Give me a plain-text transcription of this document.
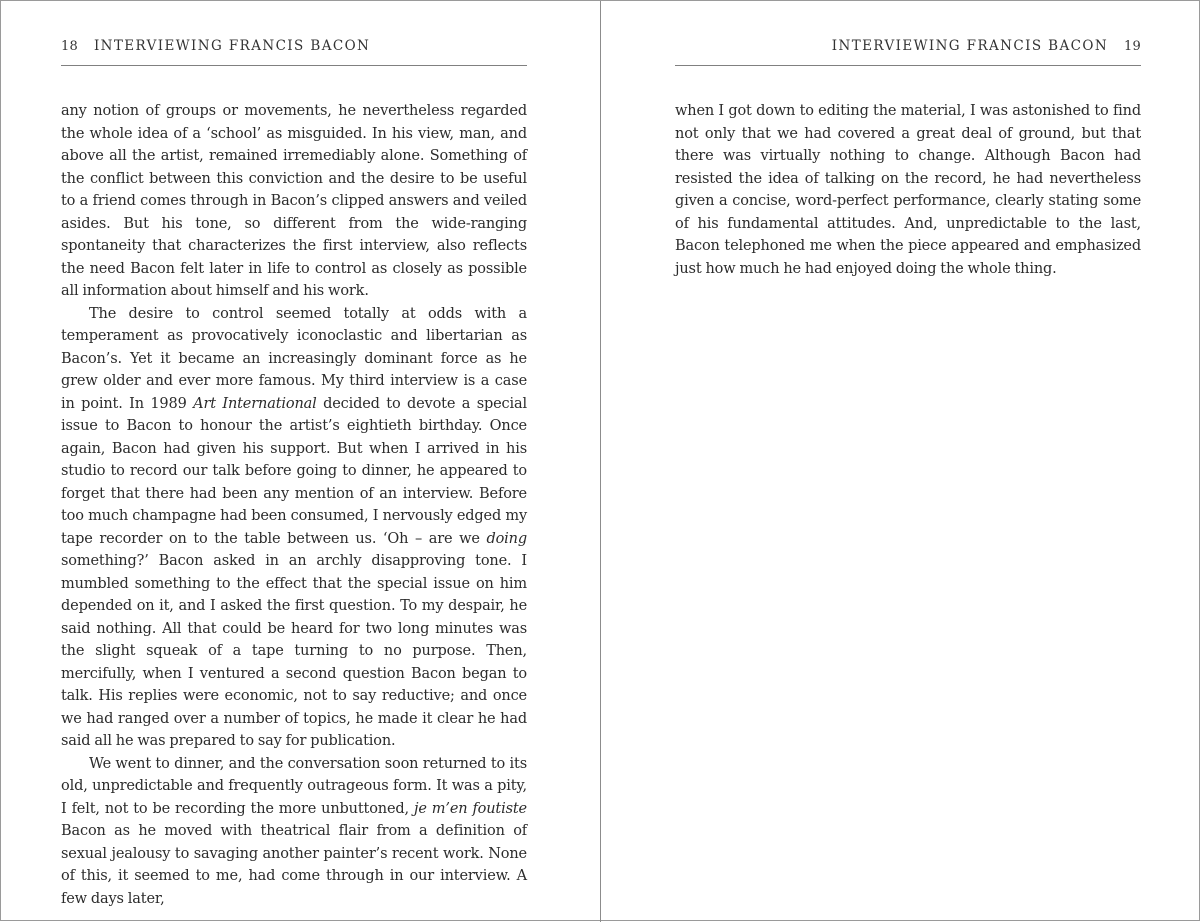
18 INTERVIEWING FRANCIS BACON

any notion of groups or movements, he nevertheless regarded the whole idea of a ‘school’ as misguided. In his view, man, and above all the artist, remained irremediably alone. Something of the conflict between this conviction and the desire to be useful to a friend comes through in Bacon’s clipped answers and veiled asides. But his tone, so different from the wide-ranging spontaneity that characterizes the first interview, also reflects the need Bacon felt later in life to control as closely as possible all information about himself and his work.

The desire to control seemed totally at odds with a temperament as provocatively iconoclastic and libertarian as Bacon’s. Yet it became an increasingly dominant force as he grew older and ever more famous. My third interview is a case in point. In 1989 Art International decided to devote a special issue to Bacon to honour the artist’s eightieth birthday. Once again, Bacon had given his support. But when I arrived in his studio to record our talk before going to dinner, he appeared to forget that there had been any mention of an interview. Before too much champagne had been consumed, I nervously edged my tape recorder on to the table between us. ‘Oh – are we doing something?’ Bacon asked in an archly disapproving tone. I mumbled something to the effect that the special issue on him depended on it, and I asked the first question. To my despair, he said nothing. All that could be heard for two long minutes was the slight squeak of a tape turning to no purpose. Then, mercifully, when I ventured a second question Bacon began to talk. His replies were economic, not to say reductive; and once we had ranged over a number of topics, he made it clear he had said all he was prepared to say for publication.

We went to dinner, and the conversation soon returned to its old, unpredictable and frequently outrageous form. It was a pity, I felt, not to be recording the more unbuttoned, je m’en foutiste Bacon as he moved with theatrical flair from a definition of sexual jealousy to savaging another painter’s recent work. None of this, it seemed to me, had come through in our interview. A few days later,

INTERVIEWING FRANCIS BACON 19

when I got down to editing the material, I was astonished to find not only that we had covered a great deal of ground, but that there was virtually nothing to change. Although Bacon had resisted the idea of talking on the record, he had nevertheless given a concise, word-perfect performance, clearly stating some of his fundamental attitudes. And, unpredictable to the last, Bacon telephoned me when the piece appeared and emphasized just how much he had enjoyed doing the whole thing.
